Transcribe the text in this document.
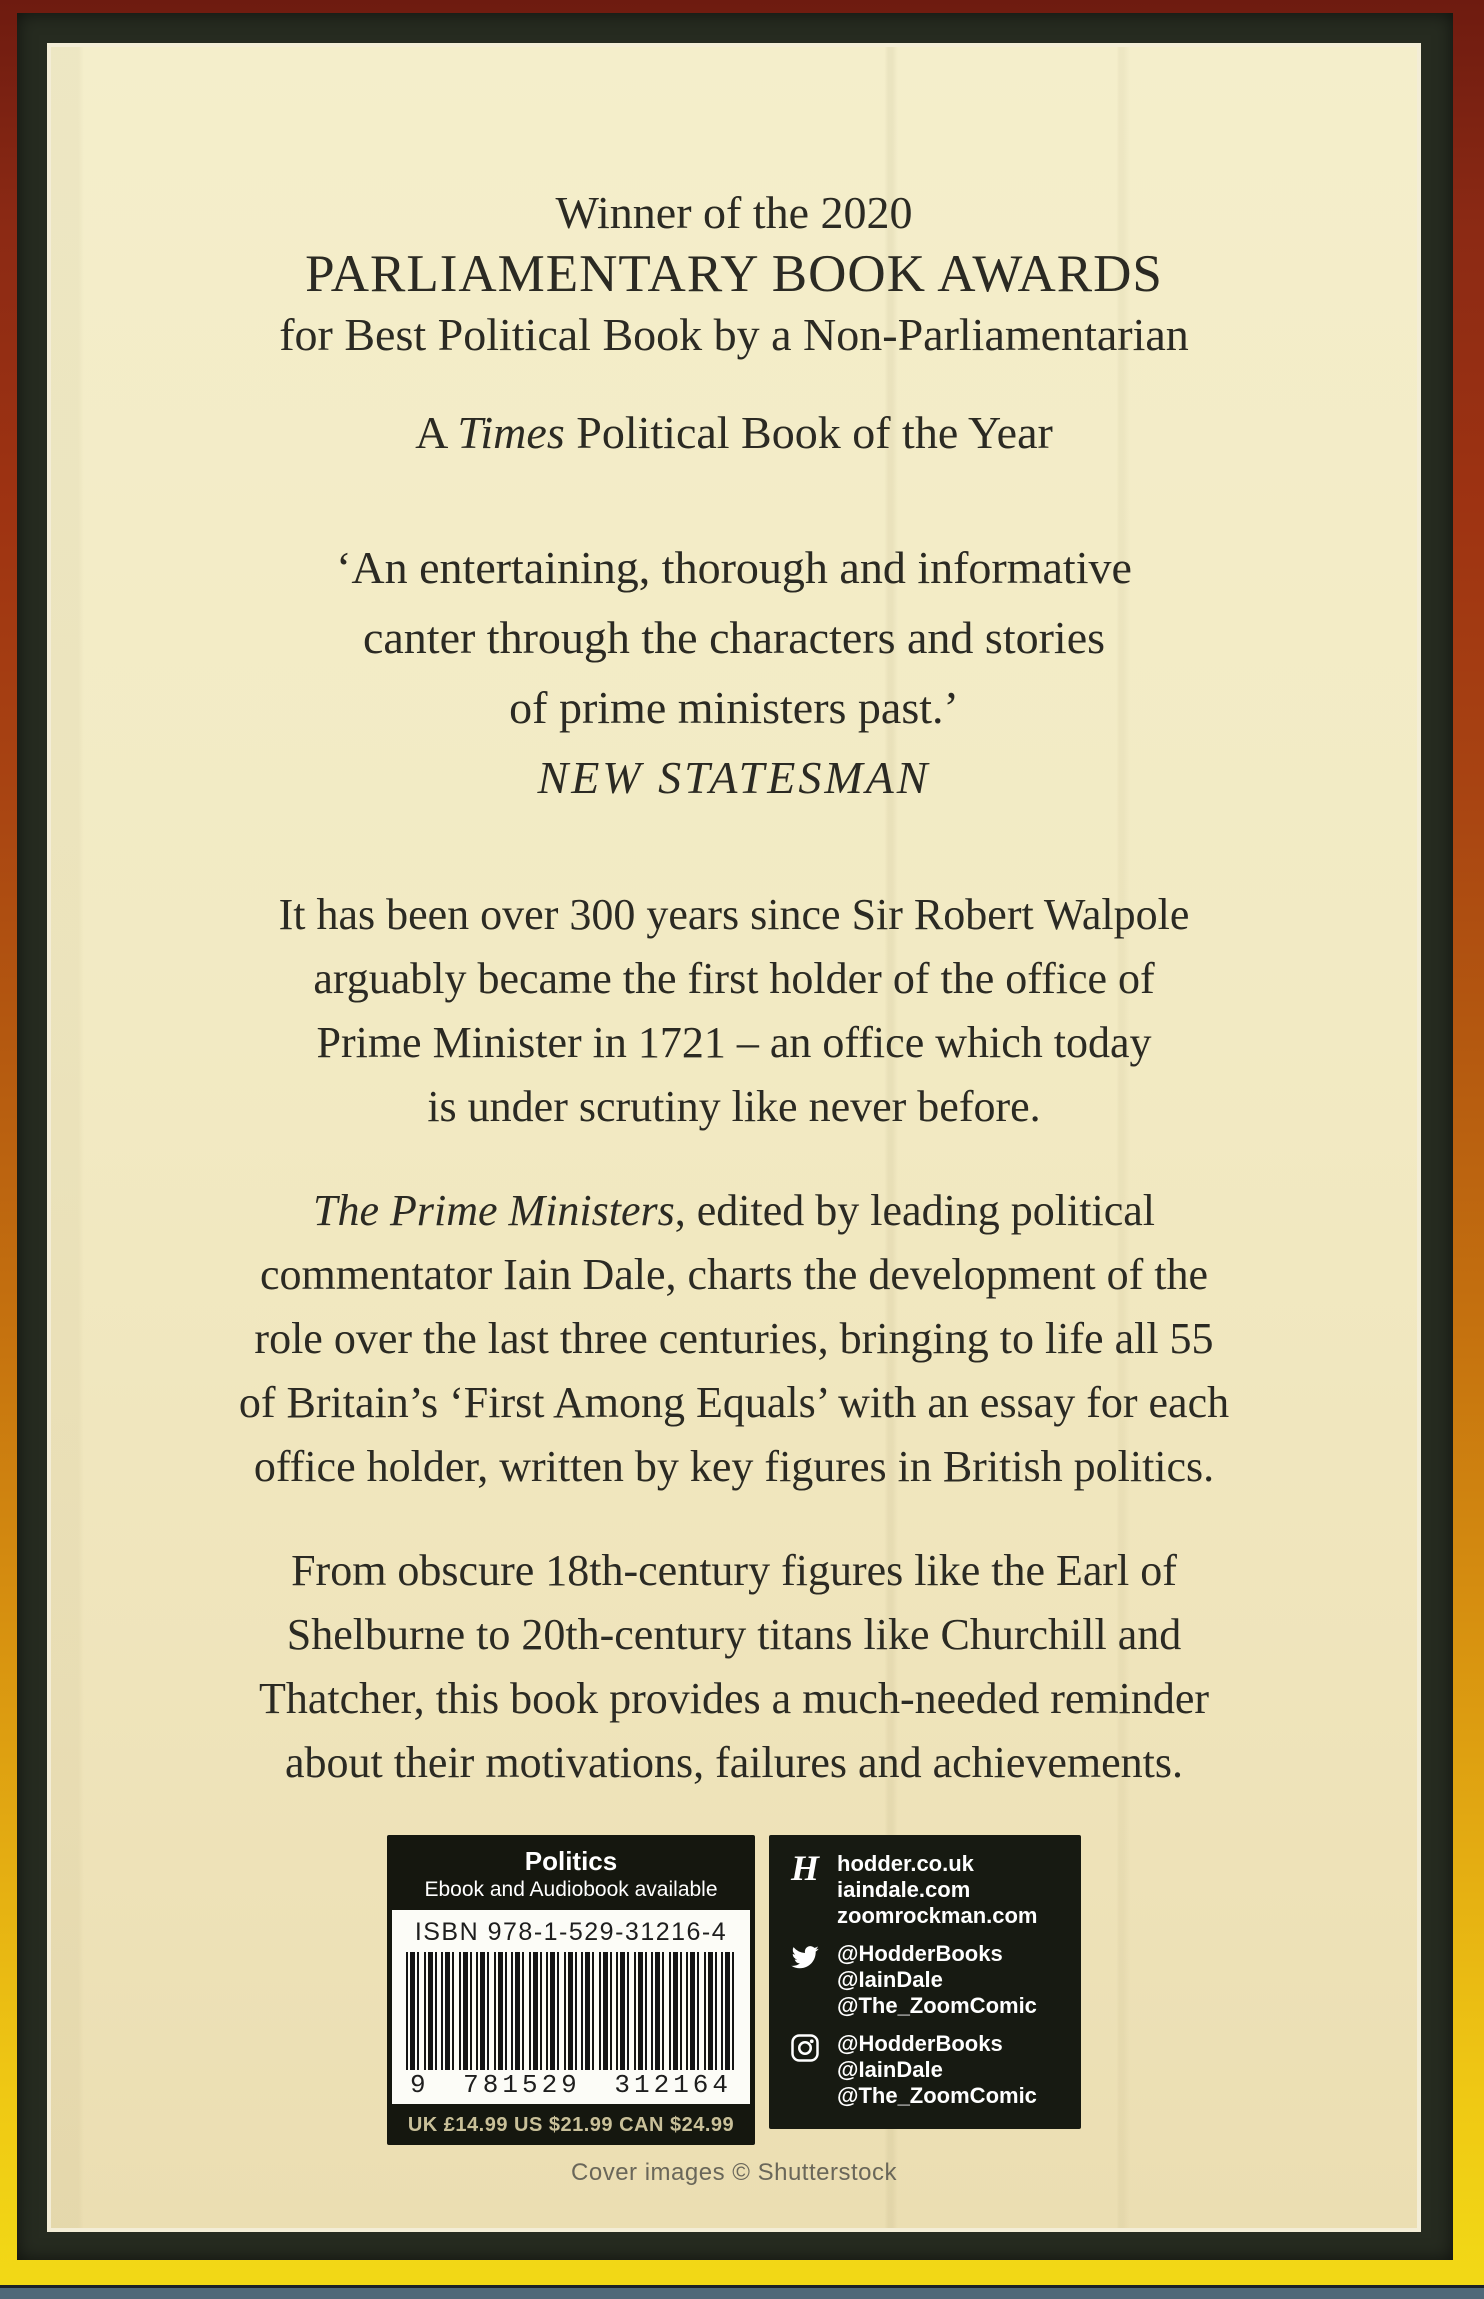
Winner of the 2020
PARLIAMENTARY BOOK AWARDS
for Best Political Book by a Non-Parliamentarian
A Times Political Book of the Year
‘An entertaining, thorough and informative
canter through the characters and stories
of prime ministers past.’
NEW STATESMAN
It has been over 300 years since Sir Robert Walpole
arguably became the first holder of the office of
Prime Minister in 1721 – an office which today
is under scrutiny like never before.
The Prime Ministers, edited by leading political
commentator Iain Dale, charts the development of the
role over the last three centuries, bringing to life all 55
of Britain’s ‘First Among Equals’ with an essay for each
office holder, written by key figures in British politics.
From obscure 18th-century figures like the Earl of
Shelburne to 20th-century titans like Churchill and
Thatcher, this book provides a much-needed reminder
about their motivations, failures and achievements.
Politics
Ebook and Audiobook available
ISBN 978-1-529-31216-4
9 781529 312164
UK £14.99 US $21.99 CAN $24.99
H hodder.co.uk
iaindale.com
zoomrockman.com
@HodderBooks
@IainDale
@The_ZoomComic
@HodderBooks
@IainDale
@The_ZoomComic
Cover images © Shutterstock
